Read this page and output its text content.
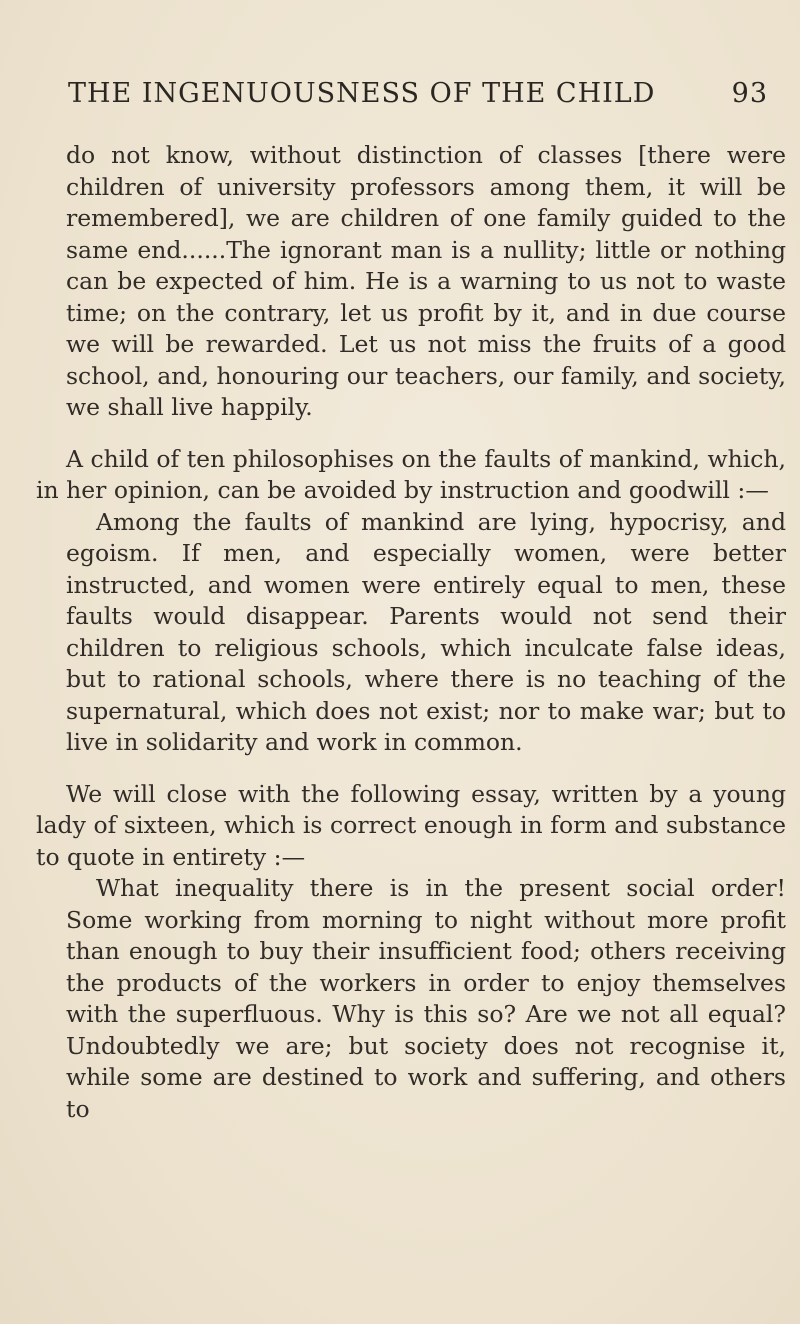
THE INGENUOUSNESS OF THE CHILD	93

do not know, without distinction of classes [there were children of university professors among them, it will be remembered], we are children of one family guided to the same end......The ignorant man is a nullity; little or nothing can be expected of him. He is a warning to us not to waste time; on the contrary, let us profit by it, and in due course we will be rewarded. Let us not miss the fruits of a good school, and, honouring our teachers, our family, and society, we shall live happily.

A child of ten philosophises on the faults of mankind, which, in her opinion, can be avoided by instruction and goodwill :—

Among the faults of mankind are lying, hypocrisy, and egoism. If men, and especially women, were better instructed, and women were entirely equal to men, these faults would disappear. Parents would not send their children to religious schools, which inculcate false ideas, but to rational schools, where there is no teaching of the supernatural, which does not exist; nor to make war; but to live in solidarity and work in common.

We will close with the following essay, written by a young lady of sixteen, which is correct enough in form and substance to quote in entirety :—

What inequality there is in the present social order! Some working from morning to night without more profit than enough to buy their insufficient food; others receiving the products of the workers in order to enjoy themselves with the superfluous. Why is this so? Are we not all equal? Undoubtedly we are; but society does not recognise it, while some are destined to work and suffering, and others to
